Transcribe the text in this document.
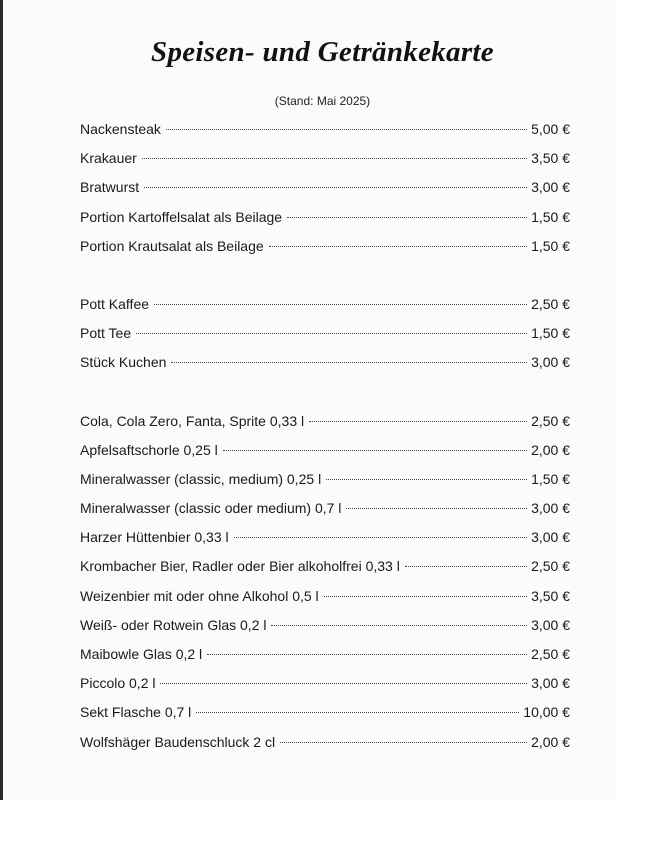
Speisen- und Getränkekarte
(Stand: Mai 2025)
Nackensteak	5,00 €
Krakauer	3,50 €
Bratwurst	3,00 €
Portion Kartoffelsalat als Beilage	1,50 €
Portion Krautsalat als Beilage	1,50 €
Pott Kaffee	2,50 €
Pott Tee	1,50 €
Stück Kuchen	3,00 €
Cola, Cola Zero, Fanta, Sprite 0,33 l	2,50 €
Apfelsaftschorle 0,25 l	2,00 €
Mineralwasser (classic, medium) 0,25 l	1,50 €
Mineralwasser (classic oder medium) 0,7 l	3,00 €
Harzer Hüttenbier 0,33 l	3,00 €
Krombacher Bier, Radler oder Bier alkoholfrei 0,33 l	2,50 €
Weizenbier mit oder ohne Alkohol 0,5 l	3,50 €
Weiß- oder Rotwein Glas 0,2 l	3,00 €
Maibowle Glas 0,2 l	2,50 €
Piccolo 0,2 l	3,00 €
Sekt Flasche 0,7 l	10,00 €
Wolfshäger Baudenschluck 2 cl	2,00 €
